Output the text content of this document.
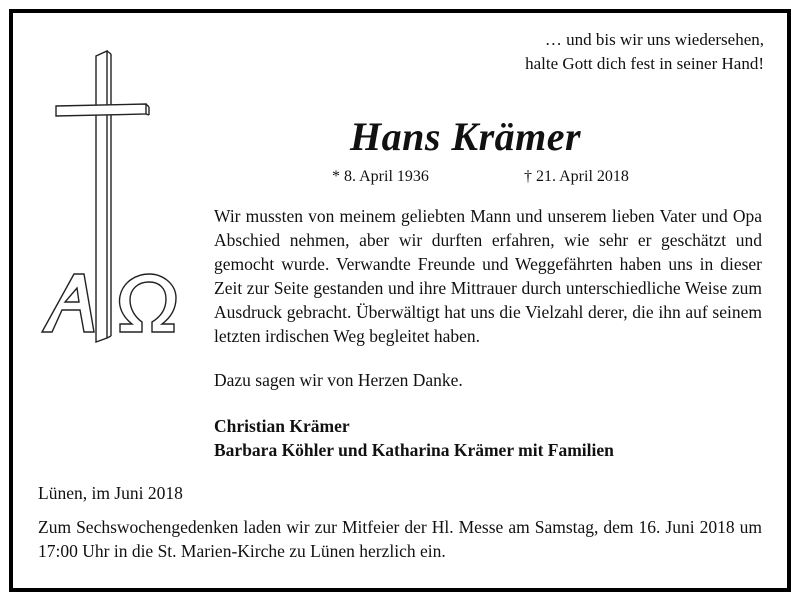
… und bis wir uns wiedersehen,
halte Gott dich fest in seiner Hand!
Hans Krämer
* 8. April 1936	† 21. April 2018

Wir mussten von meinem geliebten Mann und unserem lieben Vater und Opa Abschied nehmen, aber wir durften erfahren, wie sehr er geschätzt und gemocht wurde. Verwandte Freunde und Weggefährten haben uns in dieser Zeit zur Seite gestanden und ihre Mittrauer durch unterschiedliche Weise zum Ausdruck gebracht. Überwältigt hat uns die Vielzahl derer, die ihn auf seinem letzten irdischen Weg begleitet haben.

Dazu sagen wir von Herzen Danke.
Christian Krämer
Barbara Köhler und Katharina Krämer mit Familien
Lünen, im Juni 2018

Zum Sechswochengedenken laden wir zur Mitfeier der Hl. Messe am Samstag, dem 16. Juni 2018 um 17:00 Uhr in die St. Marien-Kirche zu Lünen herzlich ein.
